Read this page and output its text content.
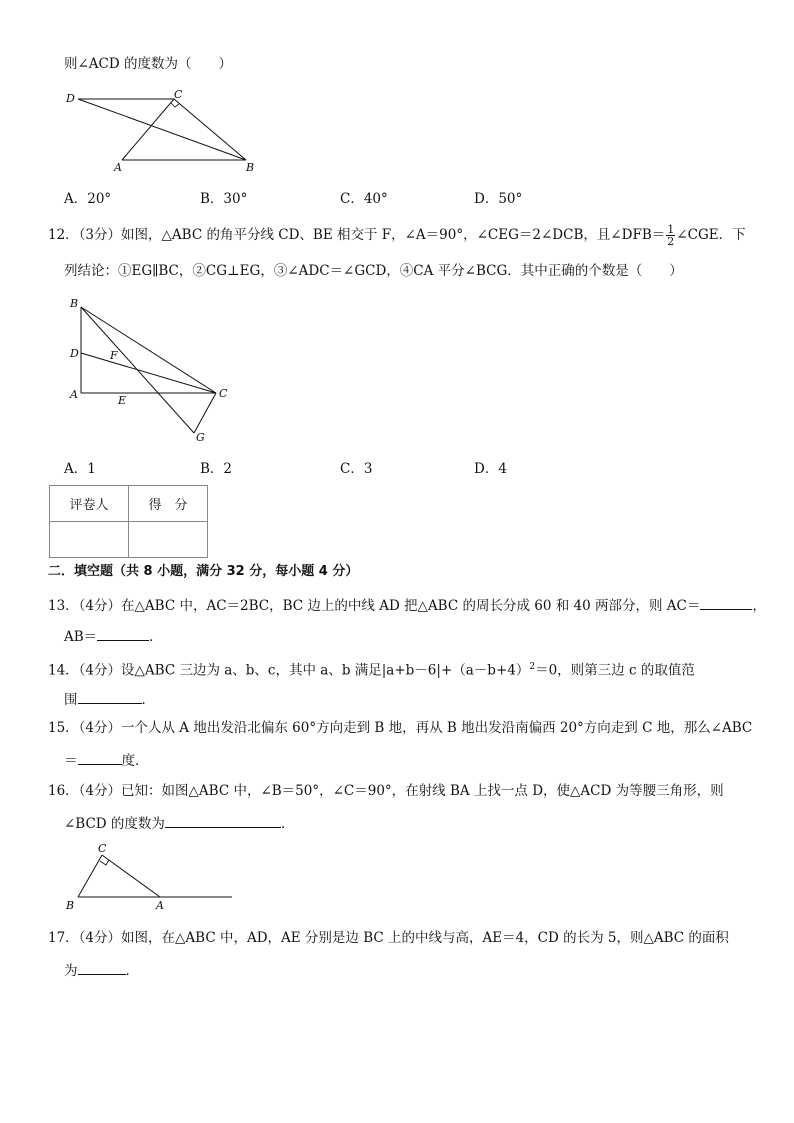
则∠ACD 的度数为（　　）
D	C
A	B
A．20°	B．30°	C．40°	D．50°
12．（3分）如图，△ABC 的角平分线 CD、BE 相交于 F，∠A＝90°，∠CEG＝2∠DCB，且∠DFB＝ $\frac{1}{2}$ ∠CGE．下
列结论：①EG∥BC，②CG⊥EG，③∠ADC＝∠GCD，④CA 平分∠BCG．其中正确的个数是（　　）
B
D	F
A	E
C
G
A．1	B．2	C．3	D．4
评卷人	得　分

二．填空题（共 8 小题，满分 32 分，每小题 4 分）
13．（4分）在△ABC 中，AC＝2BC，BC 边上的中线 AD 把△ABC 的周长分成 60 和 40 两部分，则 AC＝	，
AB＝	．
14．（4分）设△ABC 三边为 a、b、c，其中 a、b 满足$|a+b-6|+(a-b+4)^2=0$，则第三边 c 的取值范
围	．
15．（4分）一个人从 A 地出发沿北偏东 60°方向走到 B 地，再从 B 地出发沿南偏西 20°方向走到 C 地，那么∠ABC
＝	度．
16．（4分）已知：如图△ABC 中，∠B＝50°，∠C＝90°，在射线 BA 上找一点 D，使△ACD 为等腰三角形，则
∠BCD 的度数为	．
C
B	A
17．（4分）如图，在△ABC 中，AD，AE 分别是边 BC 上的中线与高，AE＝4，CD 的长为 5，则△ABC 的面积
为	．
